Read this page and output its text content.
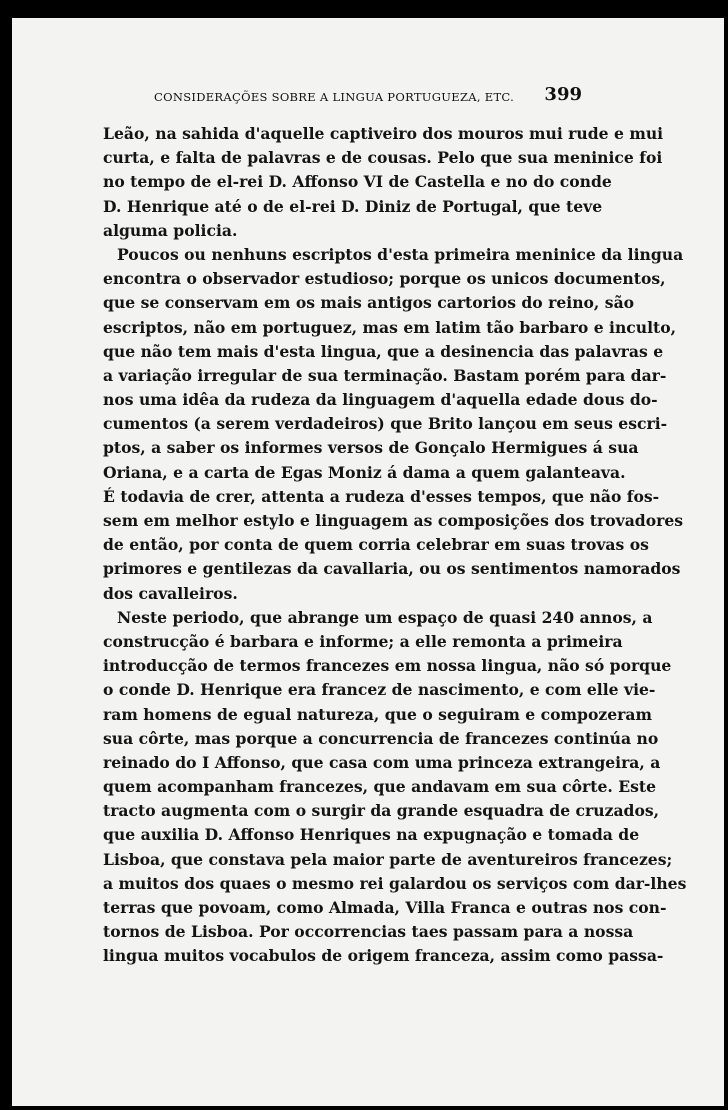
CONSIDERAÇÕES SOBRE A LINGUA PORTUGUEZA, ETC. 399
Leão, na sahida d'aquelle captiveiro dos mouros mui rude e mui
curta, e falta de palavras e de cousas. Pelo que sua meninice foi
no tempo de el-rei D. Affonso VI de Castella e no do conde
D. Henrique até o de el-rei D. Diniz de Portugal, que teve
alguma policia.
Poucos ou nenhuns escriptos d'esta primeira meninice da lingua
encontra o observador estudioso; porque os unicos documentos,
que se conservam em os mais antigos cartorios do reino, são
escriptos, não em portuguez, mas em latim tão barbaro e inculto,
que não tem mais d'esta lingua, que a desinencia das palavras e
a variação irregular de sua terminação. Bastam porém para dar-
nos uma idêa da rudeza da linguagem d'aquella edade dous do-
cumentos (a serem verdadeiros) que Brito lançou em seus escri-
ptos, a saber os informes versos de Gonçalo Hermigues á sua
Oriana, e a carta de Egas Moniz á dama a quem galanteava.
É todavia de crer, attenta a rudeza d'esses tempos, que não fos-
sem em melhor estylo e linguagem as composições dos trovadores
de então, por conta de quem corria celebrar em suas trovas os
primores e gentilezas da cavallaria, ou os sentimentos namorados
dos cavalleiros.
Neste periodo, que abrange um espaço de quasi 240 annos, a
construcção é barbara e informe; a elle remonta a primeira
introducção de termos francezes em nossa lingua, não só porque
o conde D. Henrique era francez de nascimento, e com elle vie-
ram homens de egual natureza, que o seguiram e compozeram
sua côrte, mas porque a concurrencia de francezes continúa no
reinado do I Affonso, que casa com uma princeza extrangeira, a
quem acompanham francezes, que andavam em sua côrte. Este
tracto augmenta com o surgir da grande esquadra de cruzados,
que auxilia D. Affonso Henriques na expugnação e tomada de
Lisboa, que constava pela maior parte de aventureiros francezes;
a muitos dos quaes o mesmo rei galardou os serviços com dar-lhes
terras que povoam, como Almada, Villa Franca e outras nos con-
tornos de Lisboa. Por occorrencias taes passam para a nossa
lingua muitos vocabulos de origem franceza, assim como passa-
